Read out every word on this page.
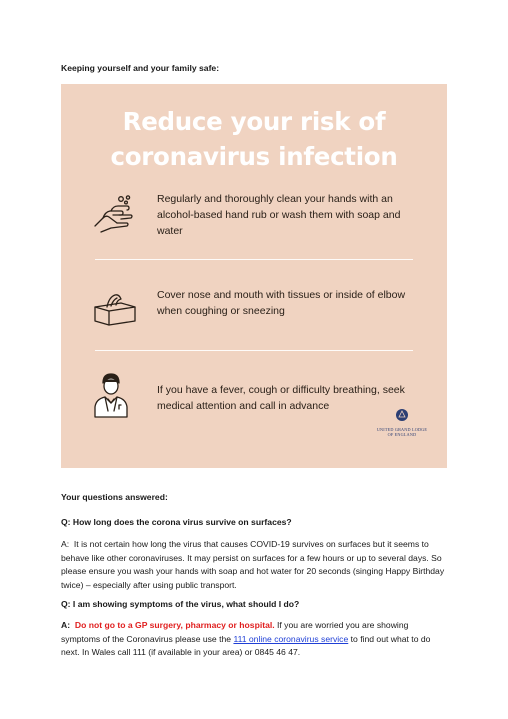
Keeping yourself and your family safe:
Reduce your risk of
coronavirus infection
Regularly and thoroughly clean your hands with an alcohol-based hand rub or wash them with soap and water
Cover nose and mouth with tissues or inside of elbow when coughing or sneezing
If you have a fever, cough or difficulty breathing, seek medical attention and call in advance
UNITED GRAND LODGE
OF ENGLAND
Your questions answered:
Q: How long does the corona virus survive on surfaces?
A: It is not certain how long the virus that causes COVID-19 survives on surfaces but it seems to behave like other coronaviruses. It may persist on surfaces for a few hours or up to several days. So please ensure you wash your hands with soap and hot water for 20 seconds (singing Happy Birthday twice) – especially after using public transport.
Q: I am showing symptoms of the virus, what should I do?
A: Do not go to a GP surgery, pharmacy or hospital. If you are worried you are showing symptoms of the Coronavirus please use the 111 online coronavirus service to find out what to do next. In Wales call 111 (if available in your area) or 0845 46 47.
